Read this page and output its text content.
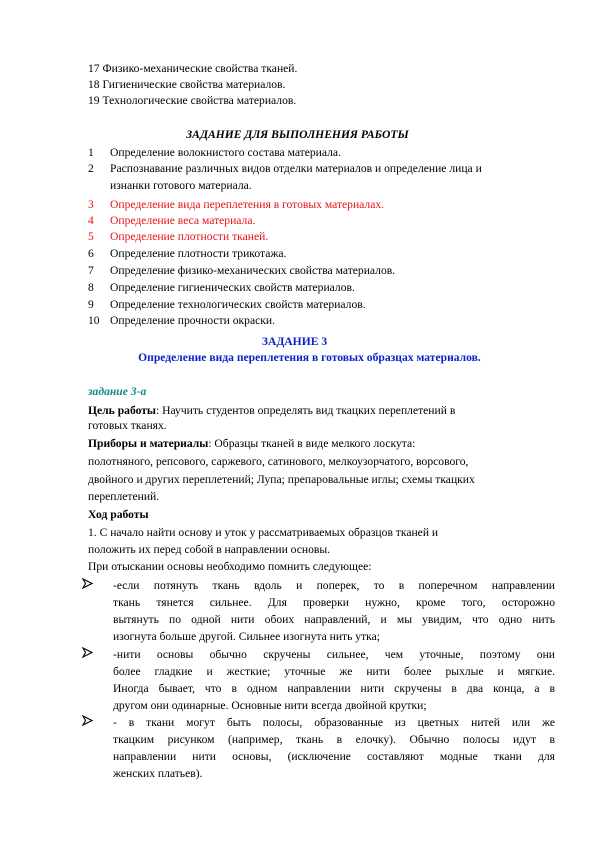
17 Физико-механические свойства тканей.
18 Гигиенические свойства материалов.
19 Технологические свойства материалов.
ЗАДАНИЕ ДЛЯ ВЫПОЛНЕНИЯ РАБОТЫ
1 Определение волокнистого состава материала.
2 Распознавание различных видов отделки материалов и определение лица и
изнанки готового материала.
3 Определение вида переплетения в готовых материалах.
4 Определение веса материала.
5 Определение плотности тканей.
6 Определение плотности трикотажа.
7 Определение физико-механических свойства материалов.
8 Определение гигиенических свойств материалов.
9 Определение технологических свойств материалов.
10 Определение прочности окраски.
ЗАДАНИЕ 3
Определение вида переплетения в готовых образцах материалов.
задание 3-а
Цель работы: Научить студентов определять вид ткацких переплетений в
готовых тканях.
Приборы и материалы: Образцы тканей в виде мелкого лоскута:
полотняного, репсового, саржевого, сатинового, мелкоузорчатого, ворсового,
двойного и других переплетений; Лупа; препаровальные иглы; схемы ткацких
переплетений.
Ход работы
1. С начало найти основу и уток у рассматриваемых образцов тканей и
положить их перед собой в направлении основы.
При отыскании основы необходимо помнить следующее:
-если потянуть ткань вдоль и поперек, то в поперечном направлении
ткань тянется сильнее. Для проверки нужно, кроме того, осторожно
вытянуть по одной нити обоих направлений, и мы увидим, что одно нить
изогнута больше другой. Сильнее изогнута нить утка;
-нити основы обычно скручены сильнее, чем уточные, поэтому они
более гладкие и жесткие; уточные же нити более рыхлые и мягкие.
Иногда бывает, что в одном направлении нити скручены в два конца, а в
другом они одинарные. Основные нити всегда двойной крутки;
- в ткани могут быть полосы, образованные из цветных нитей или же
ткацким рисунком (например, ткань в елочку). Обычно полосы идут в
направлении нити основы, (исключение составляют модные ткани для
женских платьев).
